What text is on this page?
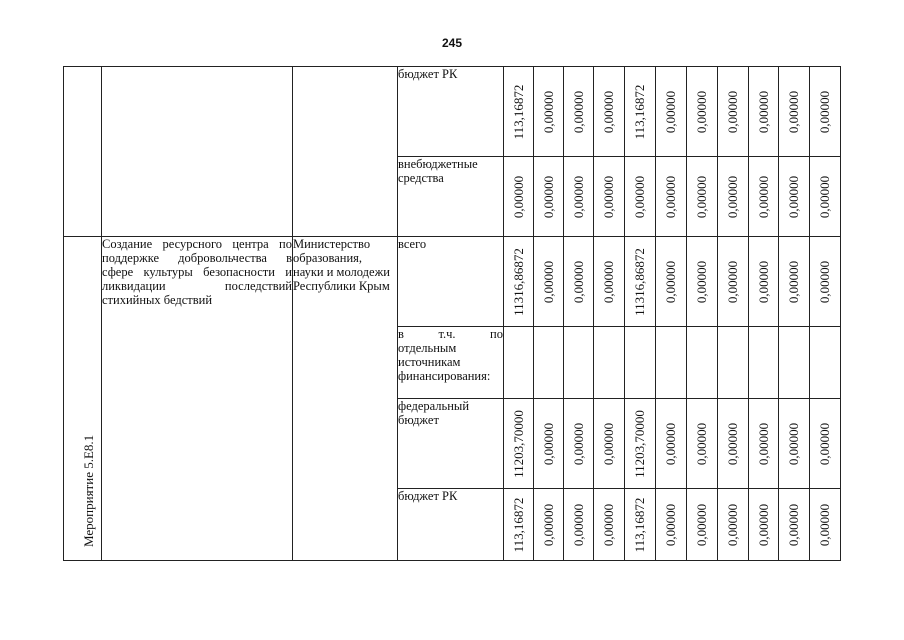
245

			бюджет РК	113,16872	0,00000	0,00000	0,00000	113,16872	0,00000	0,00000	0,00000	0,00000	0,00000	0,00000

			внебюджетные
средства	0,00000	0,00000	0,00000	0,00000	0,00000	0,00000	0,00000	0,00000	0,00000	0,00000	0,00000

Мероприятие 5.Е8.1	Создание ресурсного центра по
поддержке добровольчества в
сфере культуры безопасности и
ликвидации последствий
стихийных бедствий	Министерство
образования,
науки и молодежи
Республики Крым	всего	11316,86872	0,00000	0,00000	0,00000	11316,86872	0,00000	0,00000	0,00000	0,00000	0,00000	0,00000

			в т.ч. по
отдельным
источникам
финансирования:											

			федеральный
бюджет	11203,70000	0,00000	0,00000	0,00000	11203,70000	0,00000	0,00000	0,00000	0,00000	0,00000	0,00000

			бюджет РК	113,16872	0,00000	0,00000	0,00000	113,16872	0,00000	0,00000	0,00000	0,00000	0,00000	0,00000
